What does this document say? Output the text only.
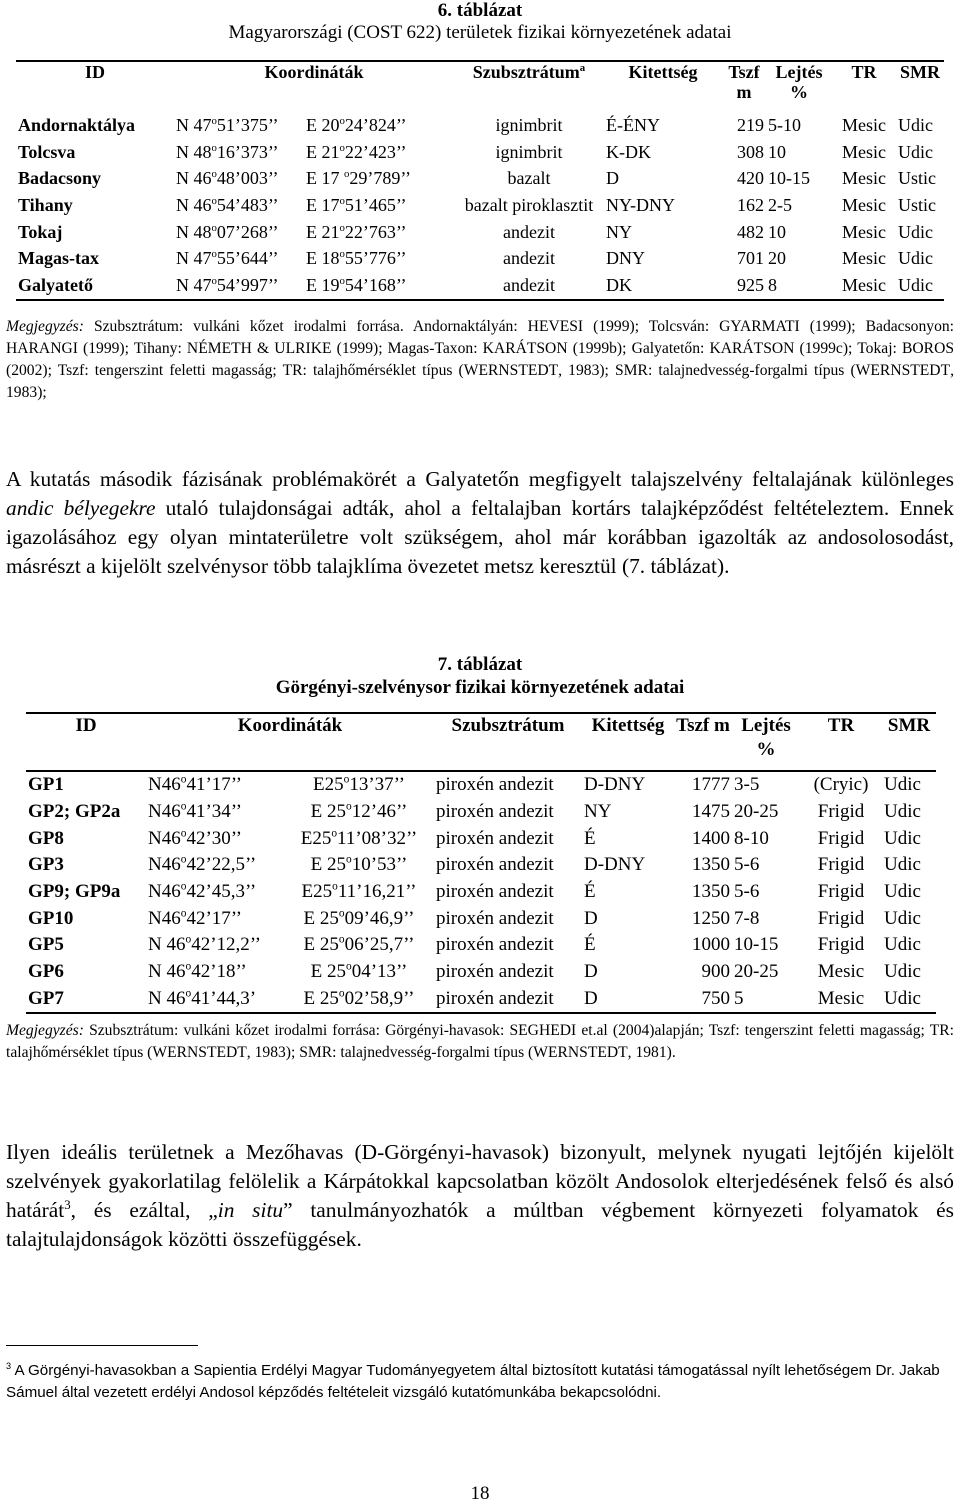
6. táblázat
Magyarországi (COST 622) területek fizikai környezetének adatai
ID	Koordináták		Szubsztrátum$^a$	Kitettség	Tszf m	Lejtés %	TR	SMR
Andornaktálya	N 47$^o$51’375’’	E 20$^o$24’824’’	ignimbrit	É-ÉNY	219	5-10	Mesic	Udic
Tolcsva	N 48$^o$16’373’’	E 21$^o$22’423’’	ignimbrit	K-DK	308	10	Mesic	Udic
Badacsony	N 46$^o$48’003’’	E 17 $^o$29’789’’	bazalt	D	420	10-15	Mesic	Ustic
Tihany	N 46$^o$54’483’’	E 17$^o$51’465’’	bazalt piroklasztit	NY-DNY	162	2-5	Mesic	Ustic
Tokaj	N 48$^o$07’268’’	E 21$^o$22’763’’	andezit	NY	482	10	Mesic	Udic
Magas-tax	N 47$^o$55’644’’	E 18$^o$55’776’’	andezit	DNY	701	20	Mesic	Udic
Galyatető	N 47$^o$54’997’’	E 19$^o$54’168’’	andezit	DK	925	8	Mesic	Udic
Megjegyzés: Szubsztrátum: vulkáni kőzet irodalmi forrása. Andornaktályán: HEVESI (1999); Tolcsván: GYARMATI (1999); Badacsonyon: HARANGI (1999); Tihany: NÉMETH & ULRIKE (1999); Magas-Taxon: KARÁTSON (1999b); Galyatetőn: KARÁTSON (1999c); Tokaj: BOROS (2002); Tszf: tengerszint feletti magasság; TR: talajhőmérséklet típus (WERNSTEDT, 1983); SMR: talajnedvesség-forgalmi típus (WERNSTEDT, 1983);
A kutatás második fázisának problémakörét a Galyatetőn megfigyelt talajszelvény feltalajának különleges andic bélyegekre utaló tulajdonságai adták, ahol a feltalajban kortárs talajképződést feltételeztem. Ennek igazolásához egy olyan mintaterületre volt szükségem, ahol már korábban igazolták az andosolosodást, másrészt a kijelölt szelvénysor több talajklíma övezetet metsz keresztül (7. táblázat).
7. táblázat
Görgényi-szelvénysor fizikai környezetének adatai
ID	Koordináták		Szubsztrátum	Kitettség	Tszf m	Lejtés %	TR	SMR
GP1	N46$^o$41’17’’	E25$^o$13’37’’	piroxén andezit	D-DNY	1777	3-5	(Cryic)	Udic
GP2; GP2a	N46$^o$41’34’’	E 25$^o$12’46’’	piroxén andezit	NY	1475	20-25	Frigid	Udic
GP8	N46$^o$42’30’’	E25$^o$11’08’32’’	piroxén andezit	É	1400	8-10	Frigid	Udic
GP3	N46$^o$42’22,5’’	E 25$^o$10’53’’	piroxén andezit	D-DNY	1350	5-6	Frigid	Udic
GP9; GP9a	N46$^o$42’45,3’’	E25$^o$11’16,21’’	piroxén andezit	É	1350	5-6	Frigid	Udic
GP10	N46$^o$42’17’’	E 25$^o$09’46,9’’	piroxén andezit	D	1250	7-8	Frigid	Udic
GP5	N 46$^o$42’12,2’’	E 25$^o$06’25,7’’	piroxén andezit	É	1000	10-15	Frigid	Udic
GP6	N 46$^o$42’18’’	E 25$^o$04’13’’	piroxén andezit	D	900	20-25	Mesic	Udic
GP7	N 46$^o$41’44,3’	E 25$^o$02’58,9’’	piroxén andezit	D	750	5	Mesic	Udic
Megjegyzés: Szubsztrátum: vulkáni kőzet irodalmi forrása: Görgényi-havasok: SEGHEDI et.al (2004)alapján; Tszf: tengerszint feletti magasság; TR: talajhőmérséklet típus (WERNSTEDT, 1983); SMR: talajnedvesség-forgalmi típus (WERNSTEDT, 1981).
Ilyen ideális területnek a Mezőhavas (D-Görgényi-havasok) bizonyult, melynek nyugati lejtőjén kijelölt szelvények gyakorlatilag felölelik a Kárpátokkal kapcsolatban közölt Andosolok elterjedésének felső és alsó határát$^3$, és ezáltal, „in situ” tanulmányozhatók a múltban végbement környezeti folyamatok és talajtulajdonságok közötti összefüggések.
$^3$ A Görgényi-havasokban a Sapientia Erdélyi Magyar Tudományegyetem által biztosított kutatási támogatással nyílt lehetőségem Dr. Jakab Sámuel által vezetett erdélyi Andosol képződés feltételeit vizsgáló kutatómunkába bekapcsolódni.
18
